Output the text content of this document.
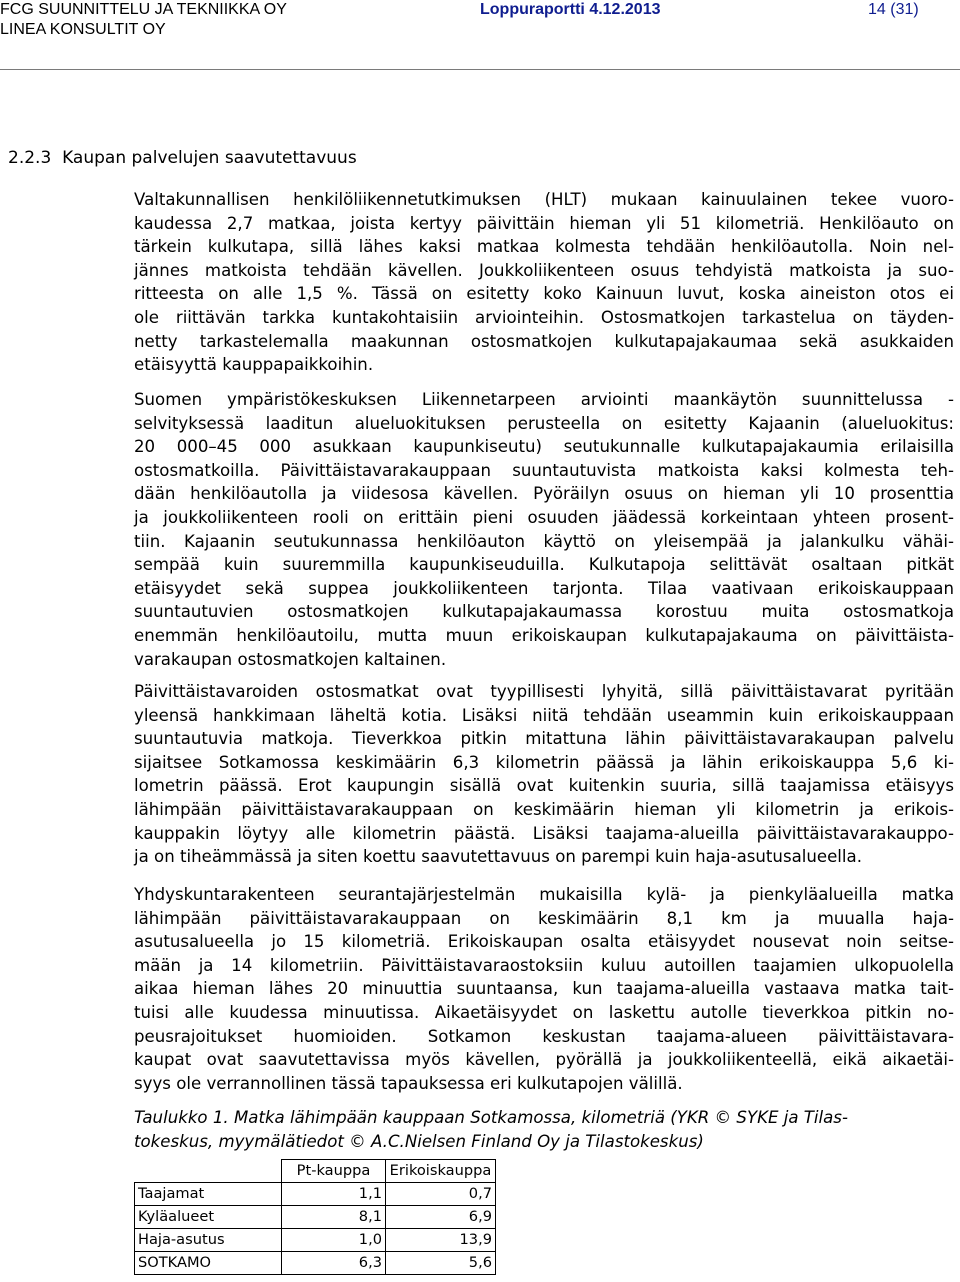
FCG SUUNNITTELU JA TEKNIIKKA OY
LINEA KONSULTIT OY
Loppuraportti 4.12.2013	14 (31)
2.2.3 Kaupan palvelujen saavutettavuus
Valtakunnallisen henkilöliikennetutkimuksen (HLT) mukaan kainuulainen tekee vuoro-
kaudessa 2,7 matkaa, joista kertyy päivittäin hieman yli 51 kilometriä. Henkilöauto on
tärkein kulkutapa, sillä lähes kaksi matkaa kolmesta tehdään henkilöautolla. Noin nel-
jännes matkoista tehdään kävellen. Joukkoliikenteen osuus tehdyistä matkoista ja suo-
ritteesta on alle 1,5 %. Tässä on esitetty koko Kainuun luvut, koska aineiston otos ei
ole riittävän tarkka kuntakohtaisiin arviointeihin. Ostosmatkojen tarkastelua on täyden-
netty tarkastelemalla maakunnan ostosmatkojen kulkutapajakaumaa sekä asukkaiden
etäisyyttä kauppapaikkoihin.
Suomen ympäristökeskuksen Liikennetarpeen arviointi maankäytön suunnittelussa -
selvityksessä laaditun alueluokituksen perusteella on esitetty Kajaanin (alueluokitus:
20 000–45 000 asukkaan kaupunkiseutu) seutukunnalle kulkutapajakaumia erilaisilla
ostosmatkoilla. Päivittäistavarakauppaan suuntautuvista matkoista kaksi kolmesta teh-
dään henkilöautolla ja viidesosa kävellen. Pyöräilyn osuus on hieman yli 10 prosenttia
ja joukkoliikenteen rooli on erittäin pieni osuuden jäädessä korkeintaan yhteen prosent-
tiin. Kajaanin seutukunnassa henkilöauton käyttö on yleisempää ja jalankulku vähäi-
sempää kuin suuremmilla kaupunkiseuduilla. Kulkutapoja selittävät osaltaan pitkät
etäisyydet sekä suppea joukkoliikenteen tarjonta. Tilaa vaativaan erikoiskauppaan
suuntautuvien ostosmatkojen kulkutapajakaumassa korostuu muita ostosmatkoja
enemmän henkilöautoilu, mutta muun erikoiskaupan kulkutapajakauma on päivittäista-
varakaupan ostosmatkojen kaltainen.
Päivittäistavaroiden ostosmatkat ovat tyypillisesti lyhyitä, sillä päivittäistavarat pyritään
yleensä hankkimaan läheltä kotia. Lisäksi niitä tehdään useammin kuin erikoiskauppaan
suuntautuvia matkoja. Tieverkkoa pitkin mitattuna lähin päivittäistavarakaupan palvelu
sijaitsee Sotkamossa keskimäärin 6,3 kilometrin päässä ja lähin erikoiskauppa 5,6 ki-
lometrin päässä. Erot kaupungin sisällä ovat kuitenkin suuria, sillä taajamissa etäisyys
lähimpään päivittäistavarakauppaan on keskimäärin hieman yli kilometrin ja erikois-
kauppakin löytyy alle kilometrin päästä. Lisäksi taajama-alueilla päivittäistavarakauppo-
ja on tiheämmässä ja siten koettu saavutettavuus on parempi kuin haja-asutusalueella.
Yhdyskuntarakenteen seurantajärjestelmän mukaisilla kylä- ja pienkyläalueilla matka
lähimpään päivittäistavarakauppaan on keskimäärin 8,1 km ja muualla haja-
asutusalueella jo 15 kilometriä. Erikoiskaupan osalta etäisyydet nousevat noin seitse-
mään ja 14 kilometriin. Päivittäistavaraostoksiin kuluu autoillen taajamien ulkopuolella
aikaa hieman lähes 20 minuuttia suuntaansa, kun taajama-alueilla vastaava matka tait-
tuisi alle kuudessa minuutissa. Aikaetäisyydet on laskettu autolle tieverkkoa pitkin no-
peusrajoitukset huomioiden. Sotkamon keskustan taajama-alueen päivittäistavara-
kaupat ovat saavutettavissa myös kävellen, pyörällä ja joukkoliikenteellä, eikä aikaetäi-
syys ole verrannollinen tässä tapauksessa eri kulkutapojen välillä.
Taulukko 1. Matka lähimpään kauppaan Sotkamossa, kilometriä (YKR © SYKE ja Tilas-
tokeskus, myymälätiedot © A.C.Nielsen Finland Oy ja Tilastokeskus)
	Pt-kauppa	Erikoiskauppa
Taajamat	1,1	0,7
Kyläalueet	8,1	6,9
Haja-asutus	1,0	13,9
SOTKAMO	6,3	5,6
